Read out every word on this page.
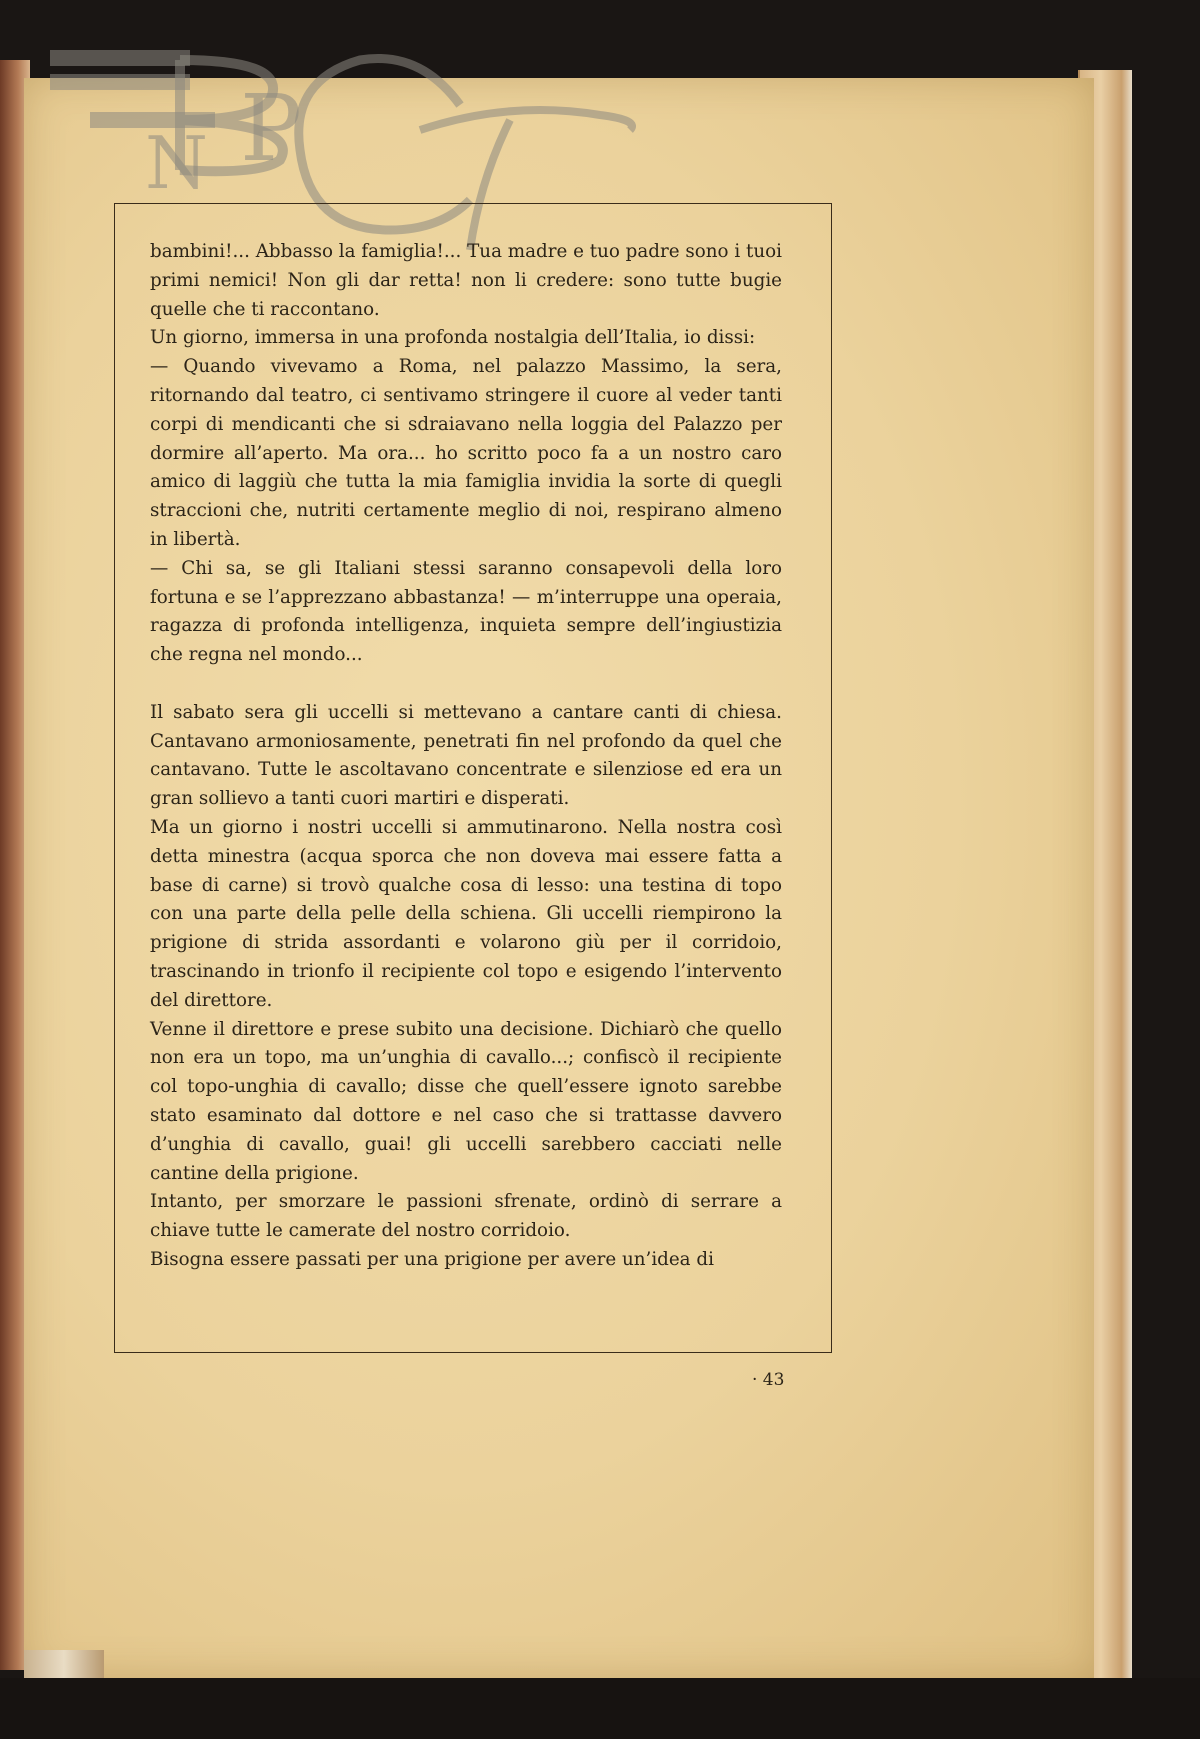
N P

bambini!... Abbasso la famiglia!... Tua madre e tuo padre sono i tuoi primi nemici! Non gli dar retta! non li credere: sono tutte bugie quelle che ti raccontano.

Un giorno, immersa in una profonda nostalgia dell’Italia, io dissi:

— Quando vivevamo a Roma, nel palazzo Massimo, la sera, ritornando dal teatro, ci sentivamo stringere il cuore al veder tanti corpi di mendicanti che si sdraiavano nella loggia del Palazzo per dormire all’aperto. Ma ora... ho scritto poco fa a un nostro caro amico di laggiù che tutta la mia famiglia invidia la sorte di quegli straccioni che, nutriti certamente meglio di noi, respirano almeno in libertà.

— Chi sa, se gli Italiani stessi saranno consapevoli della loro fortuna e se l’apprezzano abbastanza! — m’interruppe una operaia, ragazza di profonda intelligenza, inquieta sempre dell’ingiustizia che regna nel mondo...

Il sabato sera gli uccelli si mettevano a cantare canti di chiesa. Cantavano armoniosamente, penetrati fin nel profondo da quel che cantavano. Tutte le ascoltavano concentrate e silenziose ed era un gran sollievo a tanti cuori martiri e disperati.

Ma un giorno i nostri uccelli si ammutinarono. Nella nostra così detta minestra (acqua sporca che non doveva mai essere fatta a base di carne) si trovò qualche cosa di lesso: una testina di topo con una parte della pelle della schiena. Gli uccelli riempirono la prigione di strida assordanti e volarono giù per il corridoio, trascinando in trionfo il recipiente col topo e esigendo l’intervento del direttore.

Venne il direttore e prese subito una decisione. Dichiarò che quello non era un topo, ma un’unghia di cavallo...; confiscò il recipiente col topo-unghia di cavallo; disse che quell’essere ignoto sarebbe stato esaminato dal dottore e nel caso che si trattasse davvero d’unghia di cavallo, guai! gli uccelli sarebbero cacciati nelle cantine della prigione.

Intanto, per smorzare le passioni sfrenate, ordinò di serrare a chiave tutte le camerate del nostro corridoio.

Bisogna essere passati per una prigione per avere un’idea di

· 43
